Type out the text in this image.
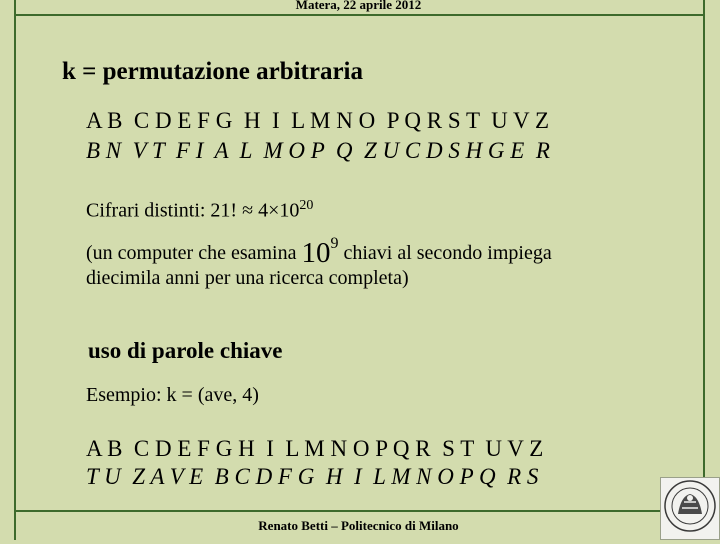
Matera, 22 aprile 2012
k = permutazione arbitraria
A B  C D E F G  H  I  L M N O  P Q R S T  U V Z
B N  V T  F I  A  L  M O P  Q  Z U C D S H G E  R
Cifrari distinti: 21! ≈ $4\times 10^{20}$
(un computer che esamina $10^9$ chiavi al secondo impiega
diecimila anni per una ricerca completa)
uso di parole chiave
Esempio: k = (ave, 4)
A B  C D E F G H  I  L M N O P Q R  S T  U V Z
T U  Z A V E  B C D F G  H  I  L M N O P Q  R S
Renato Betti – Politecnico di Milano
